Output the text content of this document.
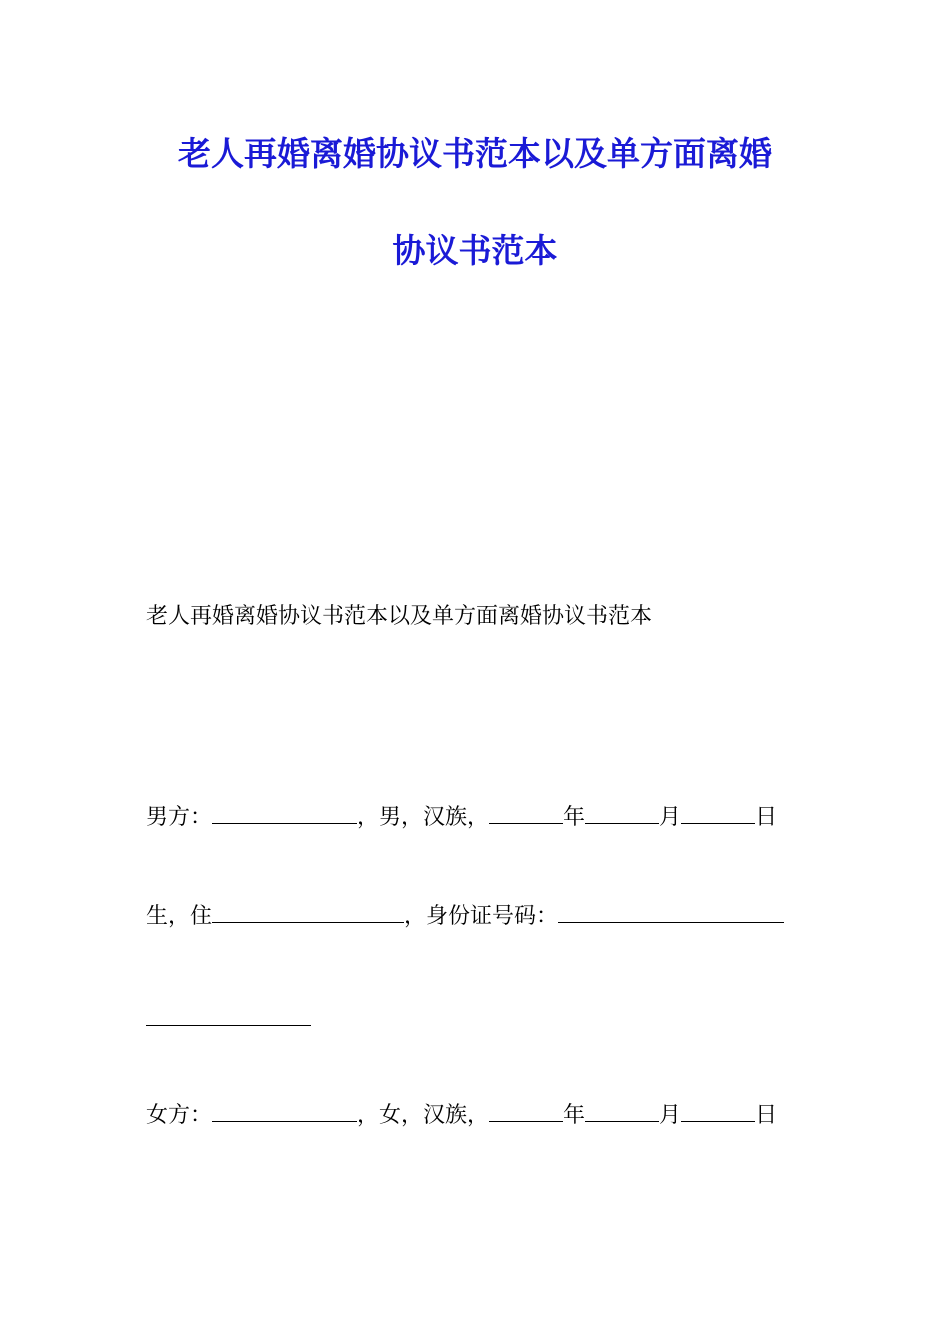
老人再婚离婚协议书范本以及单方面离婚
协议书范本
老人再婚离婚协议书范本以及单方面离婚协议书范本
男方：	，男，汉族，	年	月	日
生，住	，身份证号码：
女方：	，女，汉族，	年	月	日
